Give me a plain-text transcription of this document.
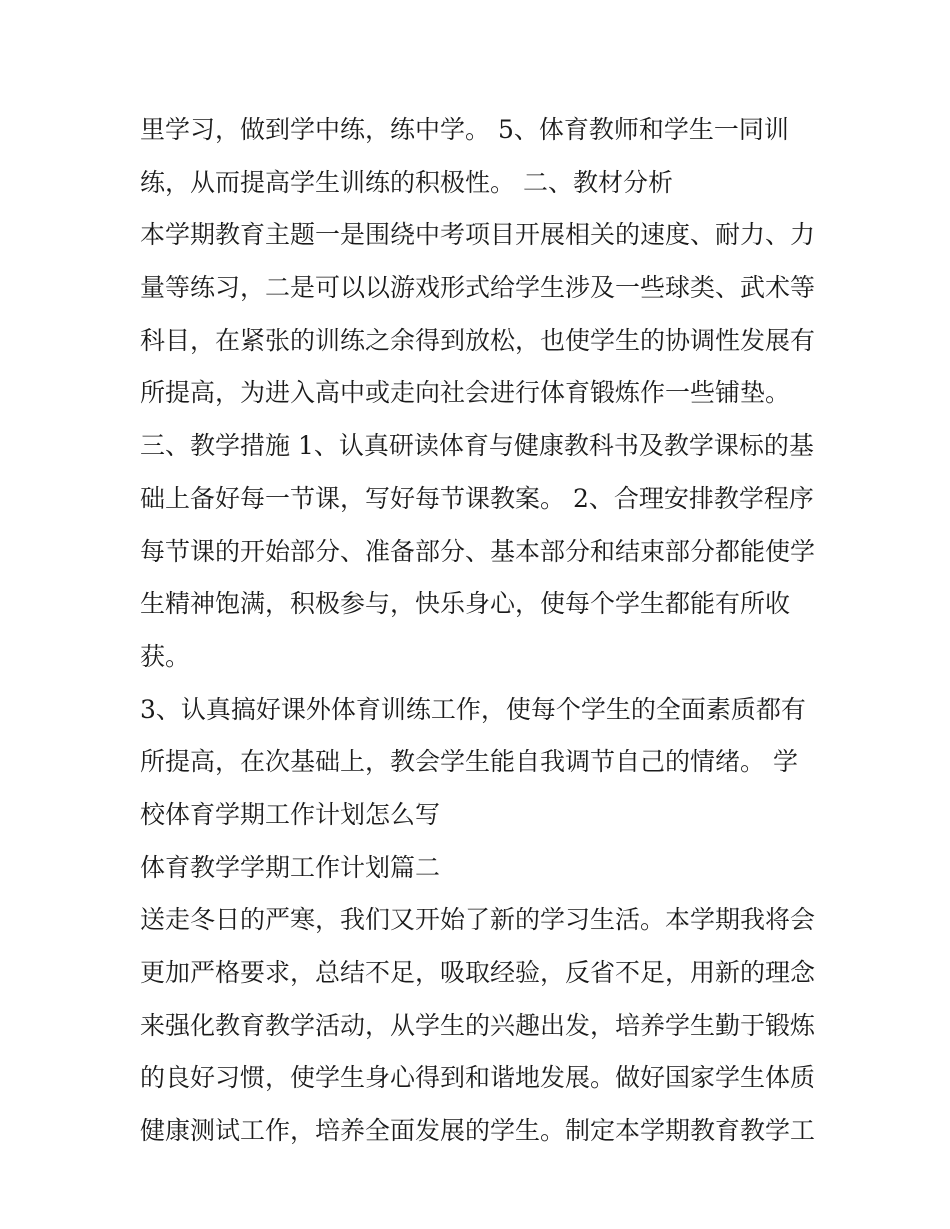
里学习，做到学中练，练中学。 5、体育教师和学生一同训
练，从而提高学生训练的积极性。 二、教材分析
本学期教育主题一是围绕中考项目开展相关的速度、耐力、力
量等练习，二是可以以游戏形式给学生涉及一些球类、武术等
科目，在紧张的训练之余得到放松，也使学生的协调性发展有
所提高，为进入高中或走向社会进行体育锻炼作一些铺垫。
三、教学措施 1、认真研读体育与健康教科书及教学课标的基
础上备好每一节课，写好每节课教案。 2、合理安排教学程序
每节课的开始部分、准备部分、基本部分和结束部分都能使学
生精神饱满，积极参与，快乐身心，使每个学生都能有所收
获。
3、认真搞好课外体育训练工作，使每个学生的全面素质都有
所提高，在次基础上，教会学生能自我调节自己的情绪。 学
校体育学期工作计划怎么写
体育教学学期工作计划篇二
送走冬日的严寒，我们又开始了新的学习生活。本学期我将会
更加严格要求，总结不足，吸取经验，反省不足，用新的理念
来强化教育教学活动，从学生的兴趣出发，培养学生勤于锻炼
的良好习惯，使学生身心得到和谐地发展。做好国家学生体质
健康测试工作，培养全面发展的学生。制定本学期教育教学工
